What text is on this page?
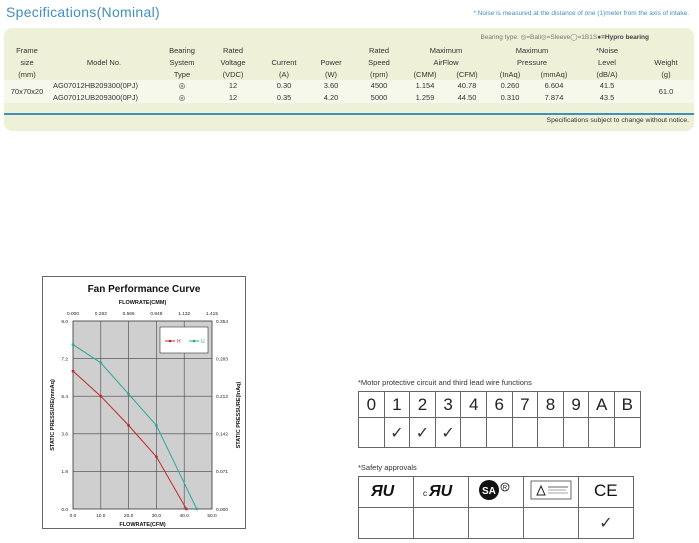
Specifications(Nominal)	*:Noise is measured at the distance of one (1)meter from the axis of intake.
Bearing type: ◎=Ball◎=Sleeve◯=1B1S●=Hypro bearing
Frame		Bearing	Rated			Rated	Maximum		Maximum		*Noise	
size	Model No.	System	Voltage	Current	Power	Speed	AirFlow		Pressure		Level	Weight
(mm)		Type	(VDC)	(A)	(W)	(rpm)	(CMM)	(CFM)	(InAq)	(mmAq)	(dB/A)	(g)
70x70x20	AG07012HB209300(0PJ)	◎	12	0.30	3.60	4500	1.154	40.78	0.260	6.604	41.5	61.0
	AG07012UB209300(0PJ)	◎	12	0.35	4.20	5000	1.259	44.50	0.310	7.874	43.5	
Specifications subject to change without notice.
Fan Performance Curve
FLOWRATE(CMM)
0.000	0.283	0.566	0.849	1.132	1.415
0.0	10.0	20.0	30.0	40.0	50.0
FLOWRATE(CFM)
0.0
1.8
3.6
5.4
7.2
9.0
0.000
0.071
0.142
0.212
0.283
0.354
STATIC PRESSURE(mmAq)	STATIC PRESSURE(InAq)
H	U
*Motor protective circuit and third lead wire functions
0	1	2	3	4	6	7	8	9	A	B
	✓	✓	✓							
*Safety approvals
ЯU	c ЯU	SA R		CE

				✓
